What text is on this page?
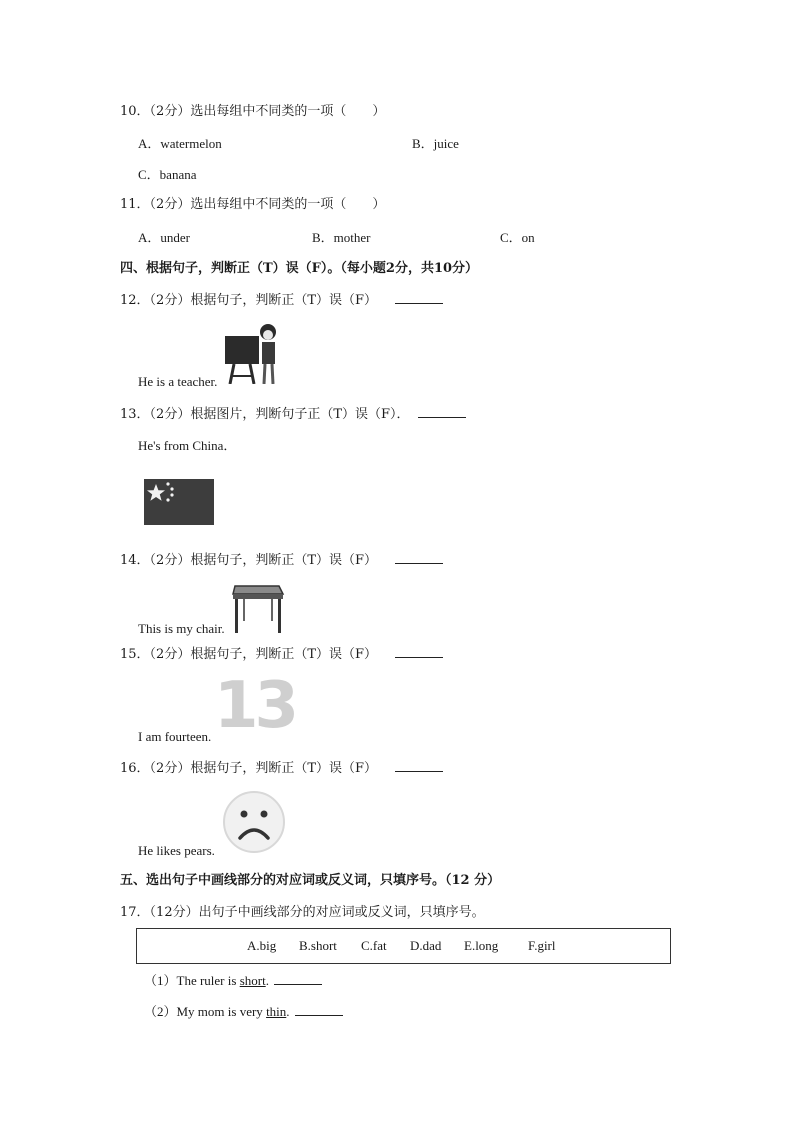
10．（2分）选出每组中不同类的一项（　　）
A．watermelon	B．juice
C．banana
11．（2分）选出每组中不同类的一项（　　）
A．under	B．mother	C．on
四、根据句子，判断正（T）误（F）。（每小题2分，共10分）
12．（2分）根据句子，判断正（T）误（F）
He is a teacher.
13．（2分）根据图片，判断句子正（T）误（F）．
He's from China．
14．（2分）根据句子，判断正（T）误（F）
This is my chair.
15．（2分）根据句子，判断正（T）误（F）
13
I am fourteen.
16．（2分）根据句子，判断正（T）误（F）
He likes pears.
五、选出句子中画线部分的对应词或反义词，只填序号。（12 分）
17．（12分）出句子中画线部分的对应词或反义词，只填序号。
A.big B.short C.fat D.dad E.long F.girl
（1）The ruler is short.
（2）My mom is very thin.
